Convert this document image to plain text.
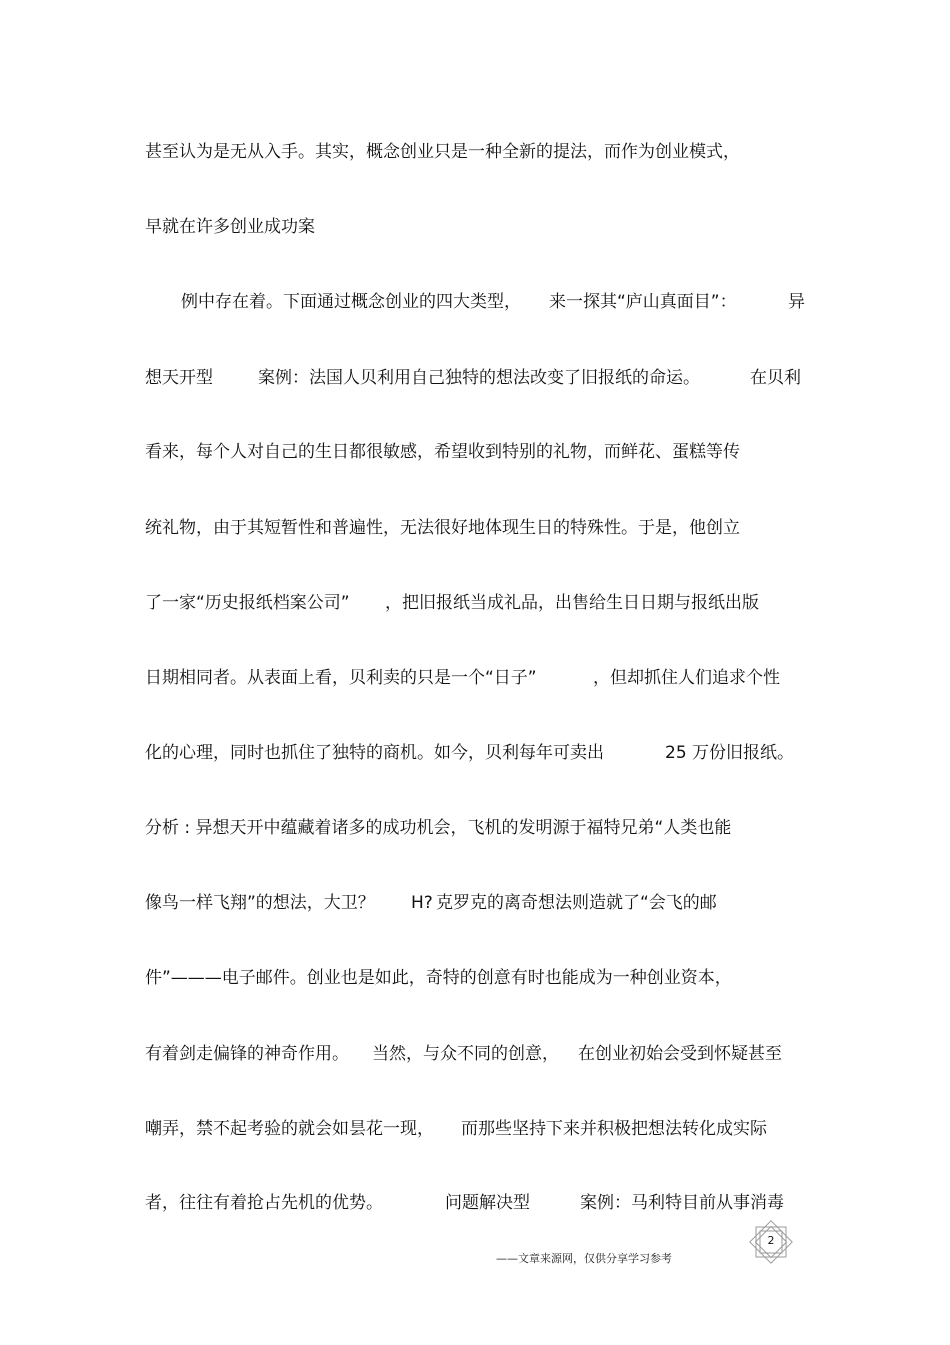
甚至认为是无从入手。其实，概念创业只是一种全新的提法，而作为创业模式，

早就在许多创业成功案

例中存在着。下面通过概念创业的四大类型，

来一探其“庐山真面目”：

	异

想天开型

	案例：法国人贝利用自己独特的想法改变了旧报纸的命运。

	在贝利

看来，每个人对自己的生日都很敏感，希望收到特别的礼物，而鲜花、蛋糕等传

统礼物，由于其短暂性和普遍性，无法很好地体现生日的特殊性。于是，他创立

了一家“历史报纸档案公司”

，把旧报纸当成礼品，出售给生日日期与报纸出版

日期相同者。从表面上看，贝利卖的只是一个“日子”

	，但却抓住人们追求个性

化的心理，同时也抓住了独特的商机。如今，贝利每年可卖出

	25 万份旧报纸。

分析 : 异想天开中蕴藏着诸多的成功机会，飞机的发明源于福特兄弟“人类也能

像鸟一样飞翔”的想法，大卫？

H?

克罗克的离奇想法则造就了“会飞的邮

件”———电子邮件。创业也是如此，奇特的创意有时也能成为一种创业资本，

有着剑走偏锋的神奇作用。

当然，与众不同的创意，

在创业初始会受到怀疑甚至

嘲弄，禁不起考验的就会如昙花一现，

而那些坚持下来并积极把想法转化成实际

者，往往有着抢占先机的优势。

	问题解决型

	案例：马利特目前从事消毒

2
——文章来源网，仅供分享学习参考
